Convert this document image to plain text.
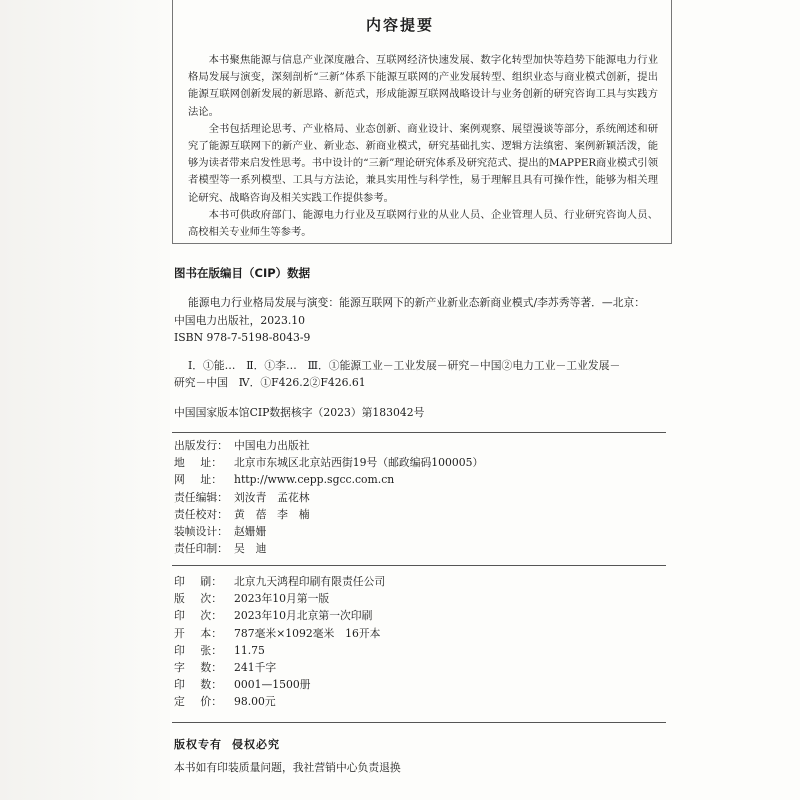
内容提要

本书聚焦能源与信息产业深度融合、互联网经济快速发展、数字化转型加快等趋势下能源电力行业格局发展与演变，深刻剖析“三新”体系下能源互联网的产业发展转型、组织业态与商业模式创新，提出能源互联网创新发展的新思路、新范式，形成能源互联网战略设计与业务创新的研究咨询工具与实践方法论。

全书包括理论思考、产业格局、业态创新、商业设计、案例观察、展望漫谈等部分，系统阐述和研究了能源互联网下的新产业、新业态、新商业模式，研究基础扎实、逻辑方法缜密、案例新颖活泼，能够为读者带来启发性思考。书中设计的“三新”理论研究体系及研究范式、提出的MAPPER商业模式引领者模型等一系列模型、工具与方法论，兼具实用性与科学性，易于理解且具有可操作性，能够为相关理论研究、战略咨询及相关实践工作提供参考。

本书可供政府部门、能源电力行业及互联网行业的从业人员、企业管理人员、行业研究咨询人员、高校相关专业师生等参考。

图书在版编目（CIP）数据
能源电力行业格局发展与演变：能源互联网下的新产业新业态新商业模式/李苏秀等著．—北京：
中国电力出版社，2023.10
ISBN 978-7-5198-8043-9
Ⅰ．①能…　Ⅱ．①李…　Ⅲ．①能源工业－工业发展－研究－中国②电力工业－工业发展－
研究－中国　Ⅳ．①F426.2②F426.61
中国国家版本馆CIP数据核字（2023）第183042号
出版发行： 中国电力出版社
地 址： 北京市东城区北京站西街19号（邮政编码100005）
网 址： http://www.cepp.sgcc.com.cn
责任编辑： 刘汝青　孟花林
责任校对： 黄　蓓　李　楠
装帧设计： 赵姗姗
责任印制： 吴　迪
印 刷： 北京九天鸿程印刷有限责任公司
版 次： 2023年10月第一版
印 次： 2023年10月北京第一次印刷
开 本： 787毫米×1092毫米　16开本
印 张： 11.75
字 数： 241千字
印 数： 0001—1500册
定 价： 98.00元
版权专有 侵权必究
本书如有印装质量问题，我社营销中心负责退换
